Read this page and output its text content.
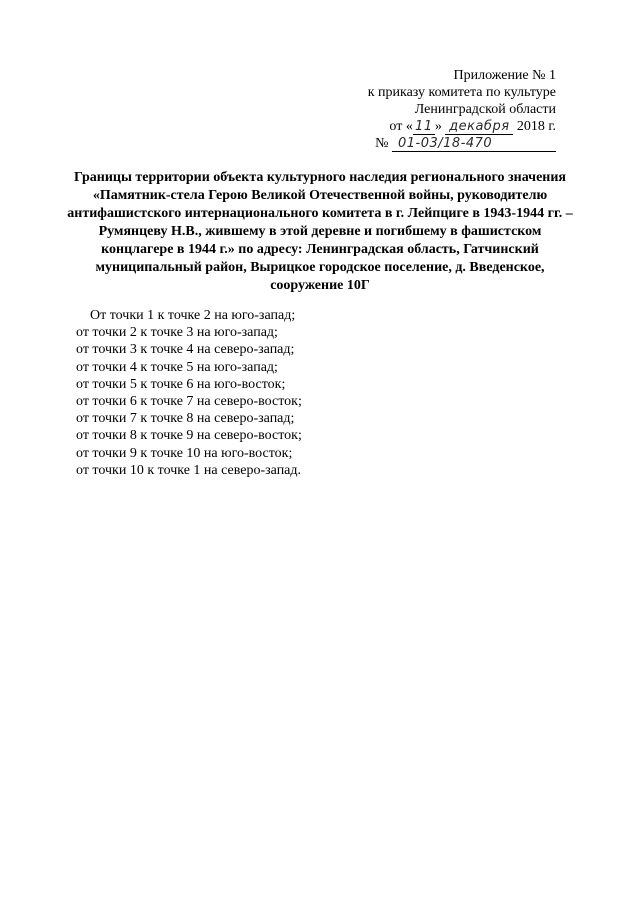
Приложение № 1
к приказу комитета по культуре
Ленинградской области
от « 11 » декабря 2018 г.
№ 01-03/18-470
Границы территории объекта культурного наследия регионального значения
«Памятник-стела Герою Великой Отечественной войны, руководителю
антифашистского интернационального комитета в г. Лейпциге в 1943-1944 гг. –
Румянцеву Н.В., жившему в этой деревне и погибшему в фашистском
концлагере в 1944 г.» по адресу: Ленинградская область, Гатчинский
муниципальный район, Вырицкое городское поселение, д. Введенское,
сооружение 10Г
От точки 1 к точке 2 на юго-запад;
от точки 2 к точке 3 на юго-запад;
от точки 3 к точке 4 на северо-запад;
от точки 4 к точке 5 на юго-запад;
от точки 5 к точке 6 на юго-восток;
от точки 6 к точке 7 на северо-восток;
от точки 7 к точке 8 на северо-запад;
от точки 8 к точке 9 на северо-восток;
от точки 9 к точке 10 на юго-восток;
от точки 10 к точке 1 на северо-запад.
